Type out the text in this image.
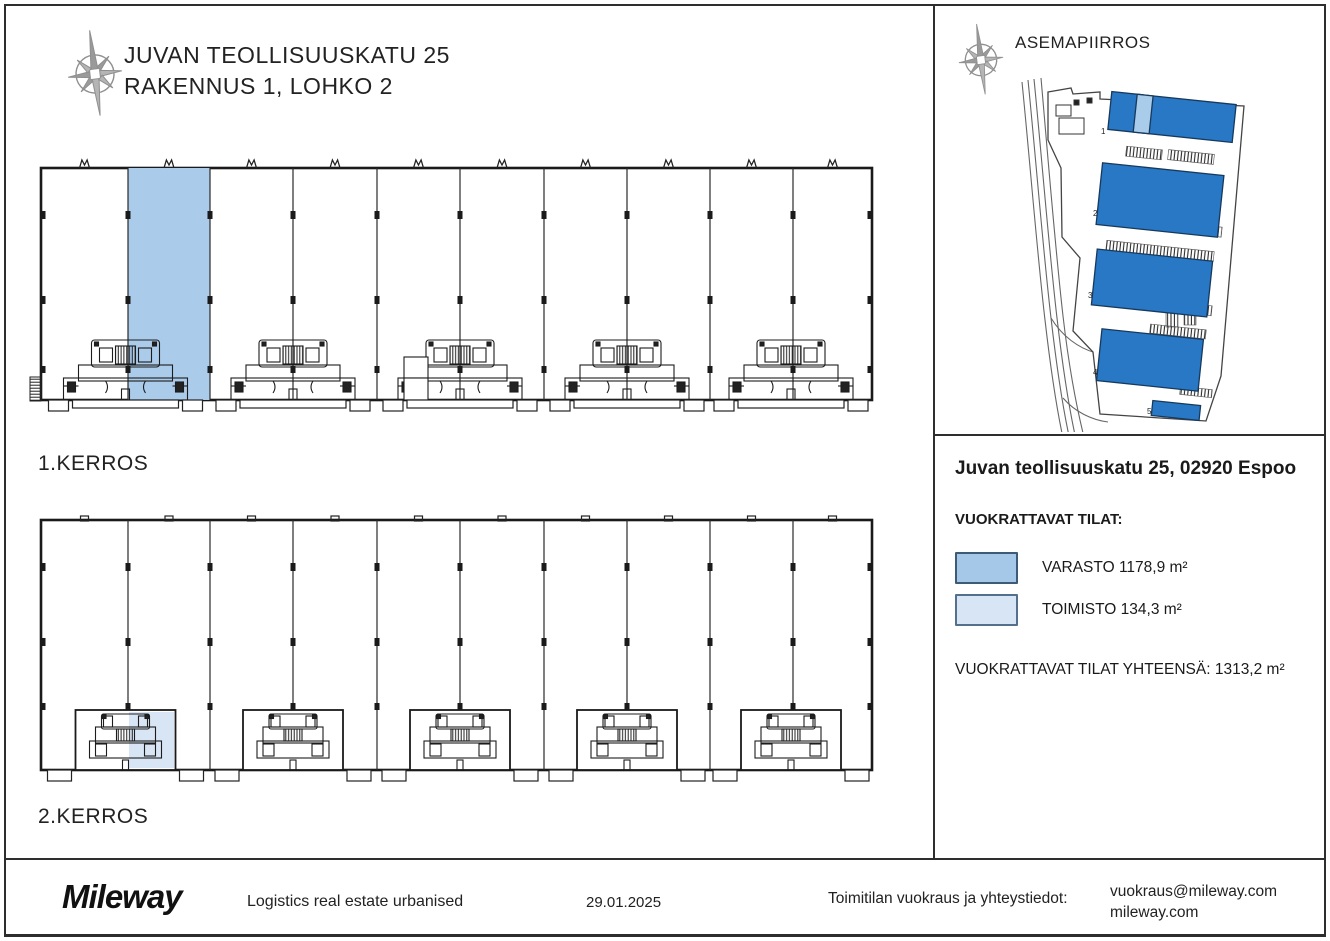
JUVAN TEOLLISUUSKATU 25
RAKENNUS 1, LOHKO 2
1.KERROS
2.KERROS
ASEMAPIIRROS
1
2
3
4
5
Juvan teollisuuskatu 25, 02920 Espoo
VUOKRATTAVAT TILAT:
VARASTO 1178,9 m²
TOIMISTO 134,3 m²
VUOKRATTAVAT TILAT YHTEENSÄ: 1313,2 m²
Mileway	Logistics real estate urbanised	29.01.2025	Toimitilan vuokraus ja yhteystiedot:	vuokraus@mileway.com
mileway.com
